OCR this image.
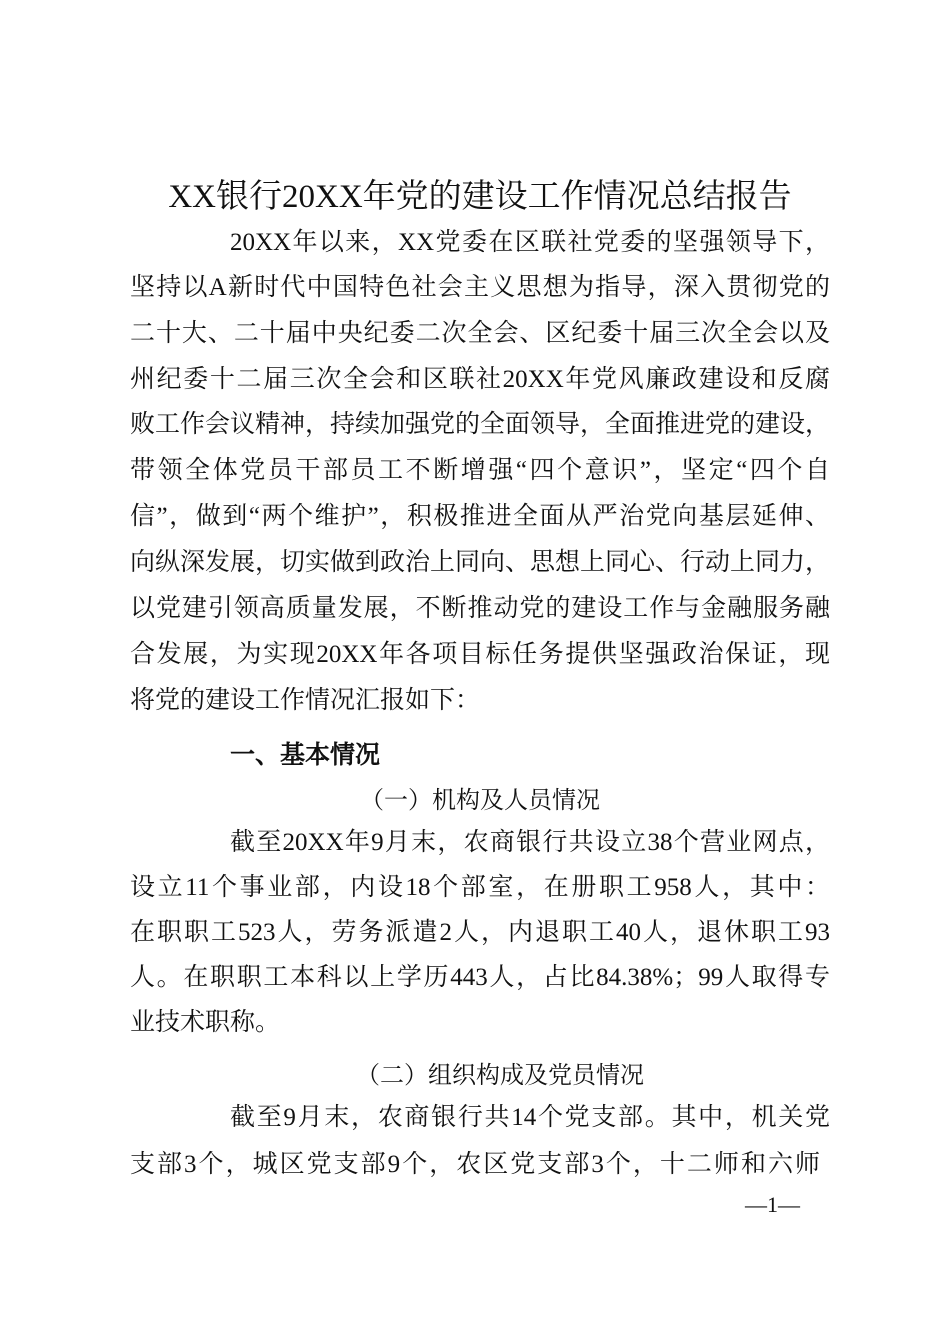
XX银行20XX年党的建设工作情况总结报告
20XX年以来，XX党委在区联社党委的坚强领导下，
坚持以A新时代中国特色社会主义思想为指导，深入贯彻党的
二十大、二十届中央纪委二次全会、区纪委十届三次全会以及
州纪委十二届三次全会和区联社20XX年党风廉政建设和反腐
败工作会议精神，持续加强党的全面领导，全面推进党的建设，
带领全体党员干部员工不断增强“四个意识”，坚定“四个自
信”，做到“两个维护”，积极推进全面从严治党向基层延伸、
向纵深发展，切实做到政治上同向、思想上同心、行动上同力，
以党建引领高质量发展，不断推动党的建设工作与金融服务融
合发展，为实现20XX年各项目标任务提供坚强政治保证，现
将党的建设工作情况汇报如下：
一、基本情况
（一）机构及人员情况
截至20XX年9月末，农商银行共设立38个营业网点，
设立11个事业部，内设18个部室，在册职工958人，其中：
在职职工523人，劳务派遣2人，内退职工40人，退休职工93
人。在职职工本科以上学历443人，占比84.38%；99人取得专
业技术职称。
（二）组织构成及党员情况
截至9月末，农商银行共14个党支部。其中，机关党
支部3个，城区党支部9个，农区党支部3个，十二师和六师
—1—
